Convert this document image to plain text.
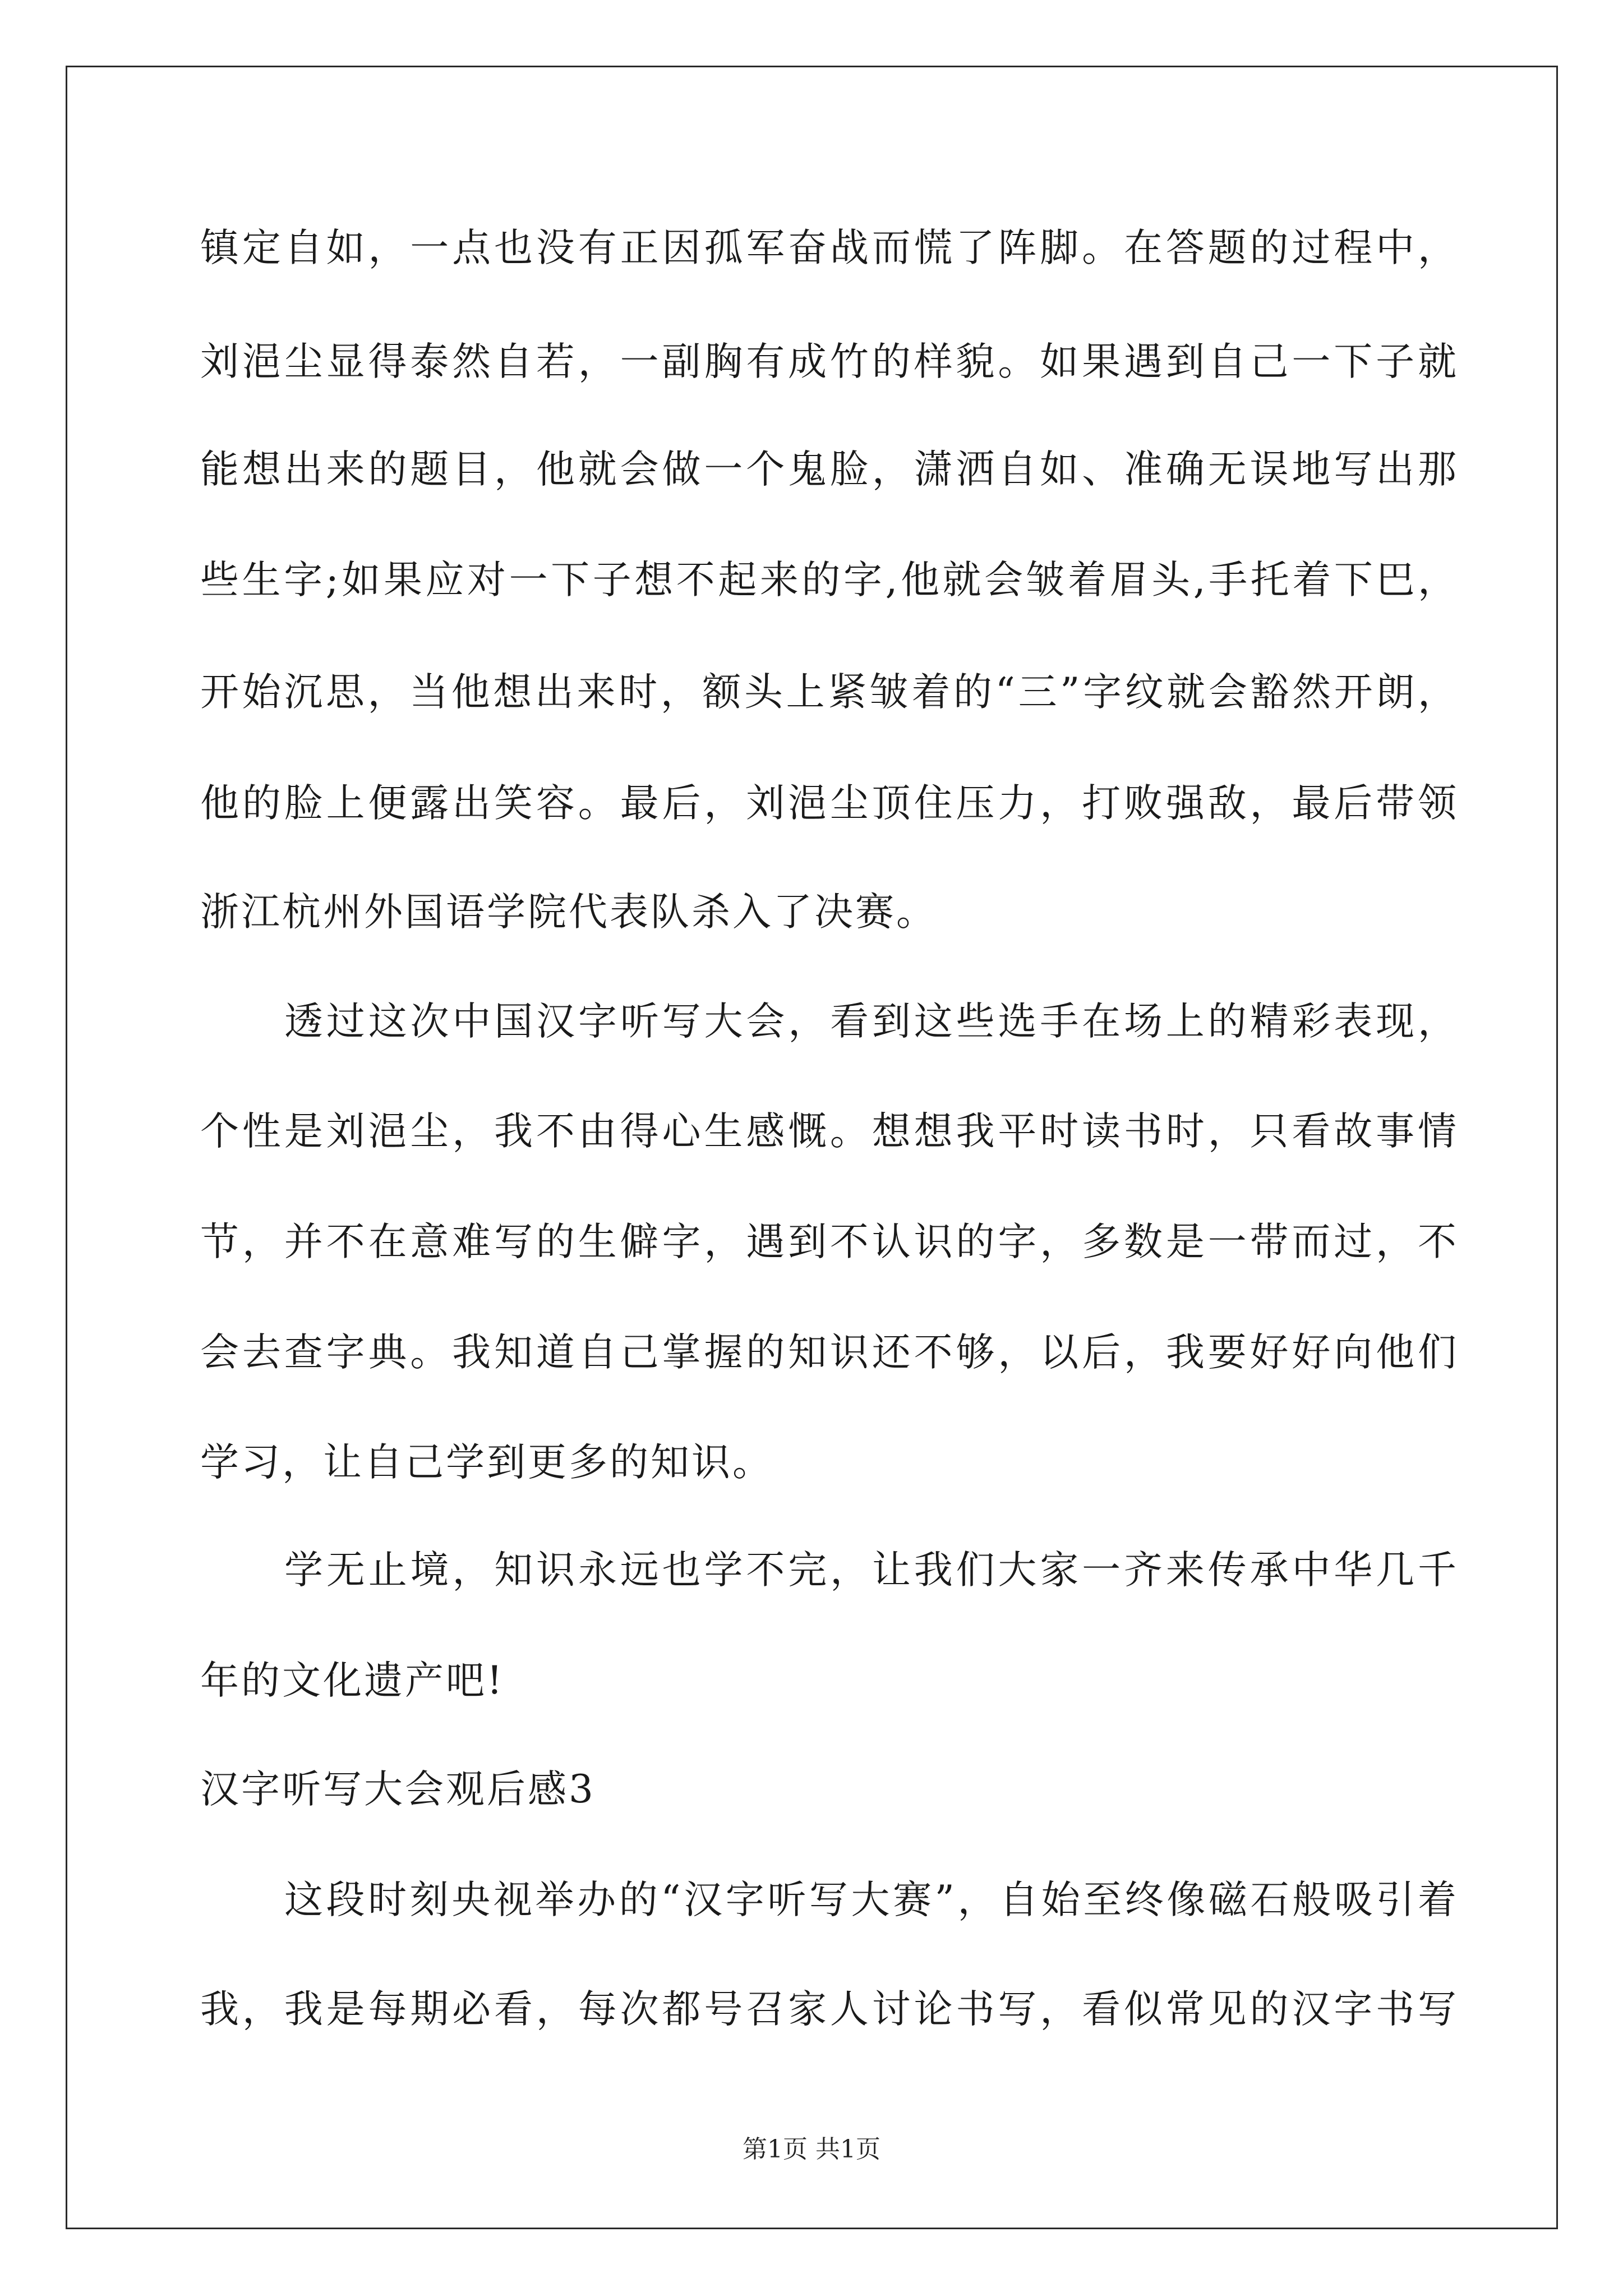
镇定自如，一点也没有正因孤军奋战而慌了阵脚。在答题的过程中，
刘浥尘显得泰然自若，一副胸有成竹的样貌。如果遇到自己一下子就
能想出来的题目，他就会做一个鬼脸，潇洒自如、准确无误地写出那
些生字;如果应对一下子想不起来的字,他就会皱着眉头,手托着下巴，
开始沉思，当他想出来时，额头上紧皱着的“三”字纹就会豁然开朗，
他的脸上便露出笑容。最后，刘浥尘顶住压力，打败强敌，最后带领
浙江杭州外国语学院代表队杀入了决赛。
透过这次中国汉字听写大会，看到这些选手在场上的精彩表现，
个性是刘浥尘，我不由得心生感慨。想想我平时读书时，只看故事情
节，并不在意难写的生僻字，遇到不认识的字，多数是一带而过，不
会去查字典。我知道自己掌握的知识还不够，以后，我要好好向他们
学习，让自己学到更多的知识。
学无止境，知识永远也学不完，让我们大家一齐来传承中华几千
年的文化遗产吧!
汉字听写大会观后感3
这段时刻央视举办的“汉字听写大赛”，自始至终像磁石般吸引着
我，我是每期必看，每次都号召家人讨论书写，看似常见的汉字书写
第1页 共1页
